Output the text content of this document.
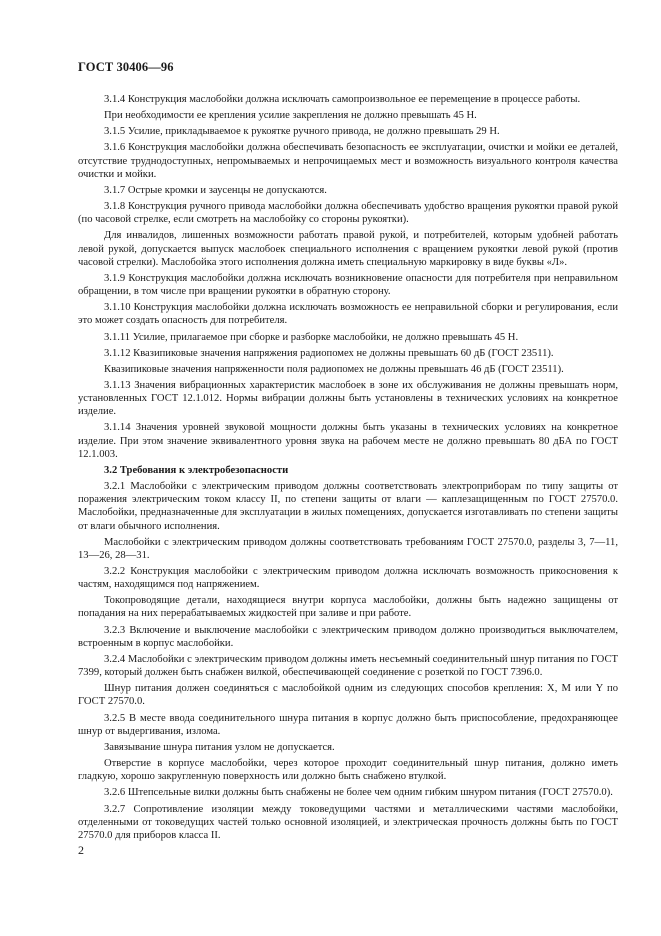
ГОСТ 30406—96

3.1.4 Конструкция маслобойки должна исключать самопроизвольное ее перемещение в процессе работы.

При необходимости ее крепления усилие закрепления не должно превышать 45 Н.

3.1.5 Усилие, прикладываемое к рукоятке ручного привода, не должно превышать 29 Н.

3.1.6 Конструкция маслобойки должна обеспечивать безопасность ее эксплуатации, очистки и мойки ее деталей, отсутствие труднодоступных, непромываемых и непрочищаемых мест и возможность визуального контроля качества очистки и мойки.

3.1.7 Острые кромки и заусенцы не допускаются.

3.1.8 Конструкция ручного привода маслобойки должна обеспечивать удобство вращения рукоятки правой рукой (по часовой стрелке, если смотреть на маслобойку со стороны рукоятки).

Для инвалидов, лишенных возможности работать правой рукой, и потребителей, которым удобней работать левой рукой, допускается выпуск маслобоек специального исполнения с вращением рукоятки левой рукой (против часовой стрелки). Маслобойка этого исполнения должна иметь специальную маркировку в виде буквы «Л».

3.1.9 Конструкция маслобойки должна исключать возникновение опасности для потребителя при неправильном обращении, в том числе при вращении рукоятки в обратную сторону.

3.1.10 Конструкция маслобойки должна исключать возможность ее неправильной сборки и регулирования, если это может создать опасность для потребителя.

3.1.11 Усилие, прилагаемое при сборке и разборке маслобойки, не должно превышать 45 Н.

3.1.12 Квазипиковые значения напряжения радиопомех не должны превышать 60 дБ (ГОСТ 23511).

Квазипиковые значения напряженности поля радиопомех не должны превышать 46 дБ (ГОСТ 23511).

3.1.13 Значения вибрационных характеристик маслобоек в зоне их обслуживания не должны превышать норм, установленных ГОСТ 12.1.012. Нормы вибрации должны быть установлены в технических условиях на конкретное изделие.

3.1.14 Значения уровней звуковой мощности должны быть указаны в технических условиях на конкретное изделие. При этом значение эквивалентного уровня звука на рабочем месте не должно превышать 80 дБА по ГОСТ 12.1.003.

3.2 Требования к электробезопасности

3.2.1 Маслобойки с электрическим приводом должны соответствовать электроприборам по типу защиты от поражения электрическим током классу II, по степени защиты от влаги — каплезащищенным по ГОСТ 27570.0. Маслобойки, предназначенные для эксплуатации в жилых помещениях, допускается изготавливать по степени защиты от влаги обычного исполнения.

Маслобойки с электрическим приводом должны соответствовать требованиям ГОСТ 27570.0, разделы 3, 7—11, 13—26, 28—31.

3.2.2 Конструкция маслобойки с электрическим приводом должна исключать возможность прикосновения к частям, находящимся под напряжением.

Токопроводящие детали, находящиеся внутри корпуса маслобойки, должны быть надежно защищены от попадания на них перерабатываемых жидкостей при заливе и при работе.

3.2.3 Включение и выключение маслобойки с электрическим приводом должно производиться выключателем, встроенным в корпус маслобойки.

3.2.4 Маслобойки с электрическим приводом должны иметь несъемный соединительный шнур питания по ГОСТ 7399, который должен быть снабжен вилкой, обеспечивающей соединение с розеткой по ГОСТ 7396.0.

Шнур питания должен соединяться с маслобойкой одним из следующих способов крепления: X, M или Y по ГОСТ 27570.0.

3.2.5 В месте ввода соединительного шнура питания в корпус должно быть приспособление, предохраняющее шнур от выдергивания, излома.

Завязывание шнура питания узлом не допускается.

Отверстие в корпусе маслобойки, через которое проходит соединительный шнур питания, должно иметь гладкую, хорошо закругленную поверхность или должно быть снабжено втулкой.

3.2.6 Штепсельные вилки должны быть снабжены не более чем одним гибким шнуром питания (ГОСТ 27570.0).

3.2.7 Сопротивление изоляции между токоведущими частями и металлическими частями маслобойки, отделенными от токоведущих частей только основной изоляцией, и электрическая прочность должны быть по ГОСТ 27570.0 для приборов класса II.

2
